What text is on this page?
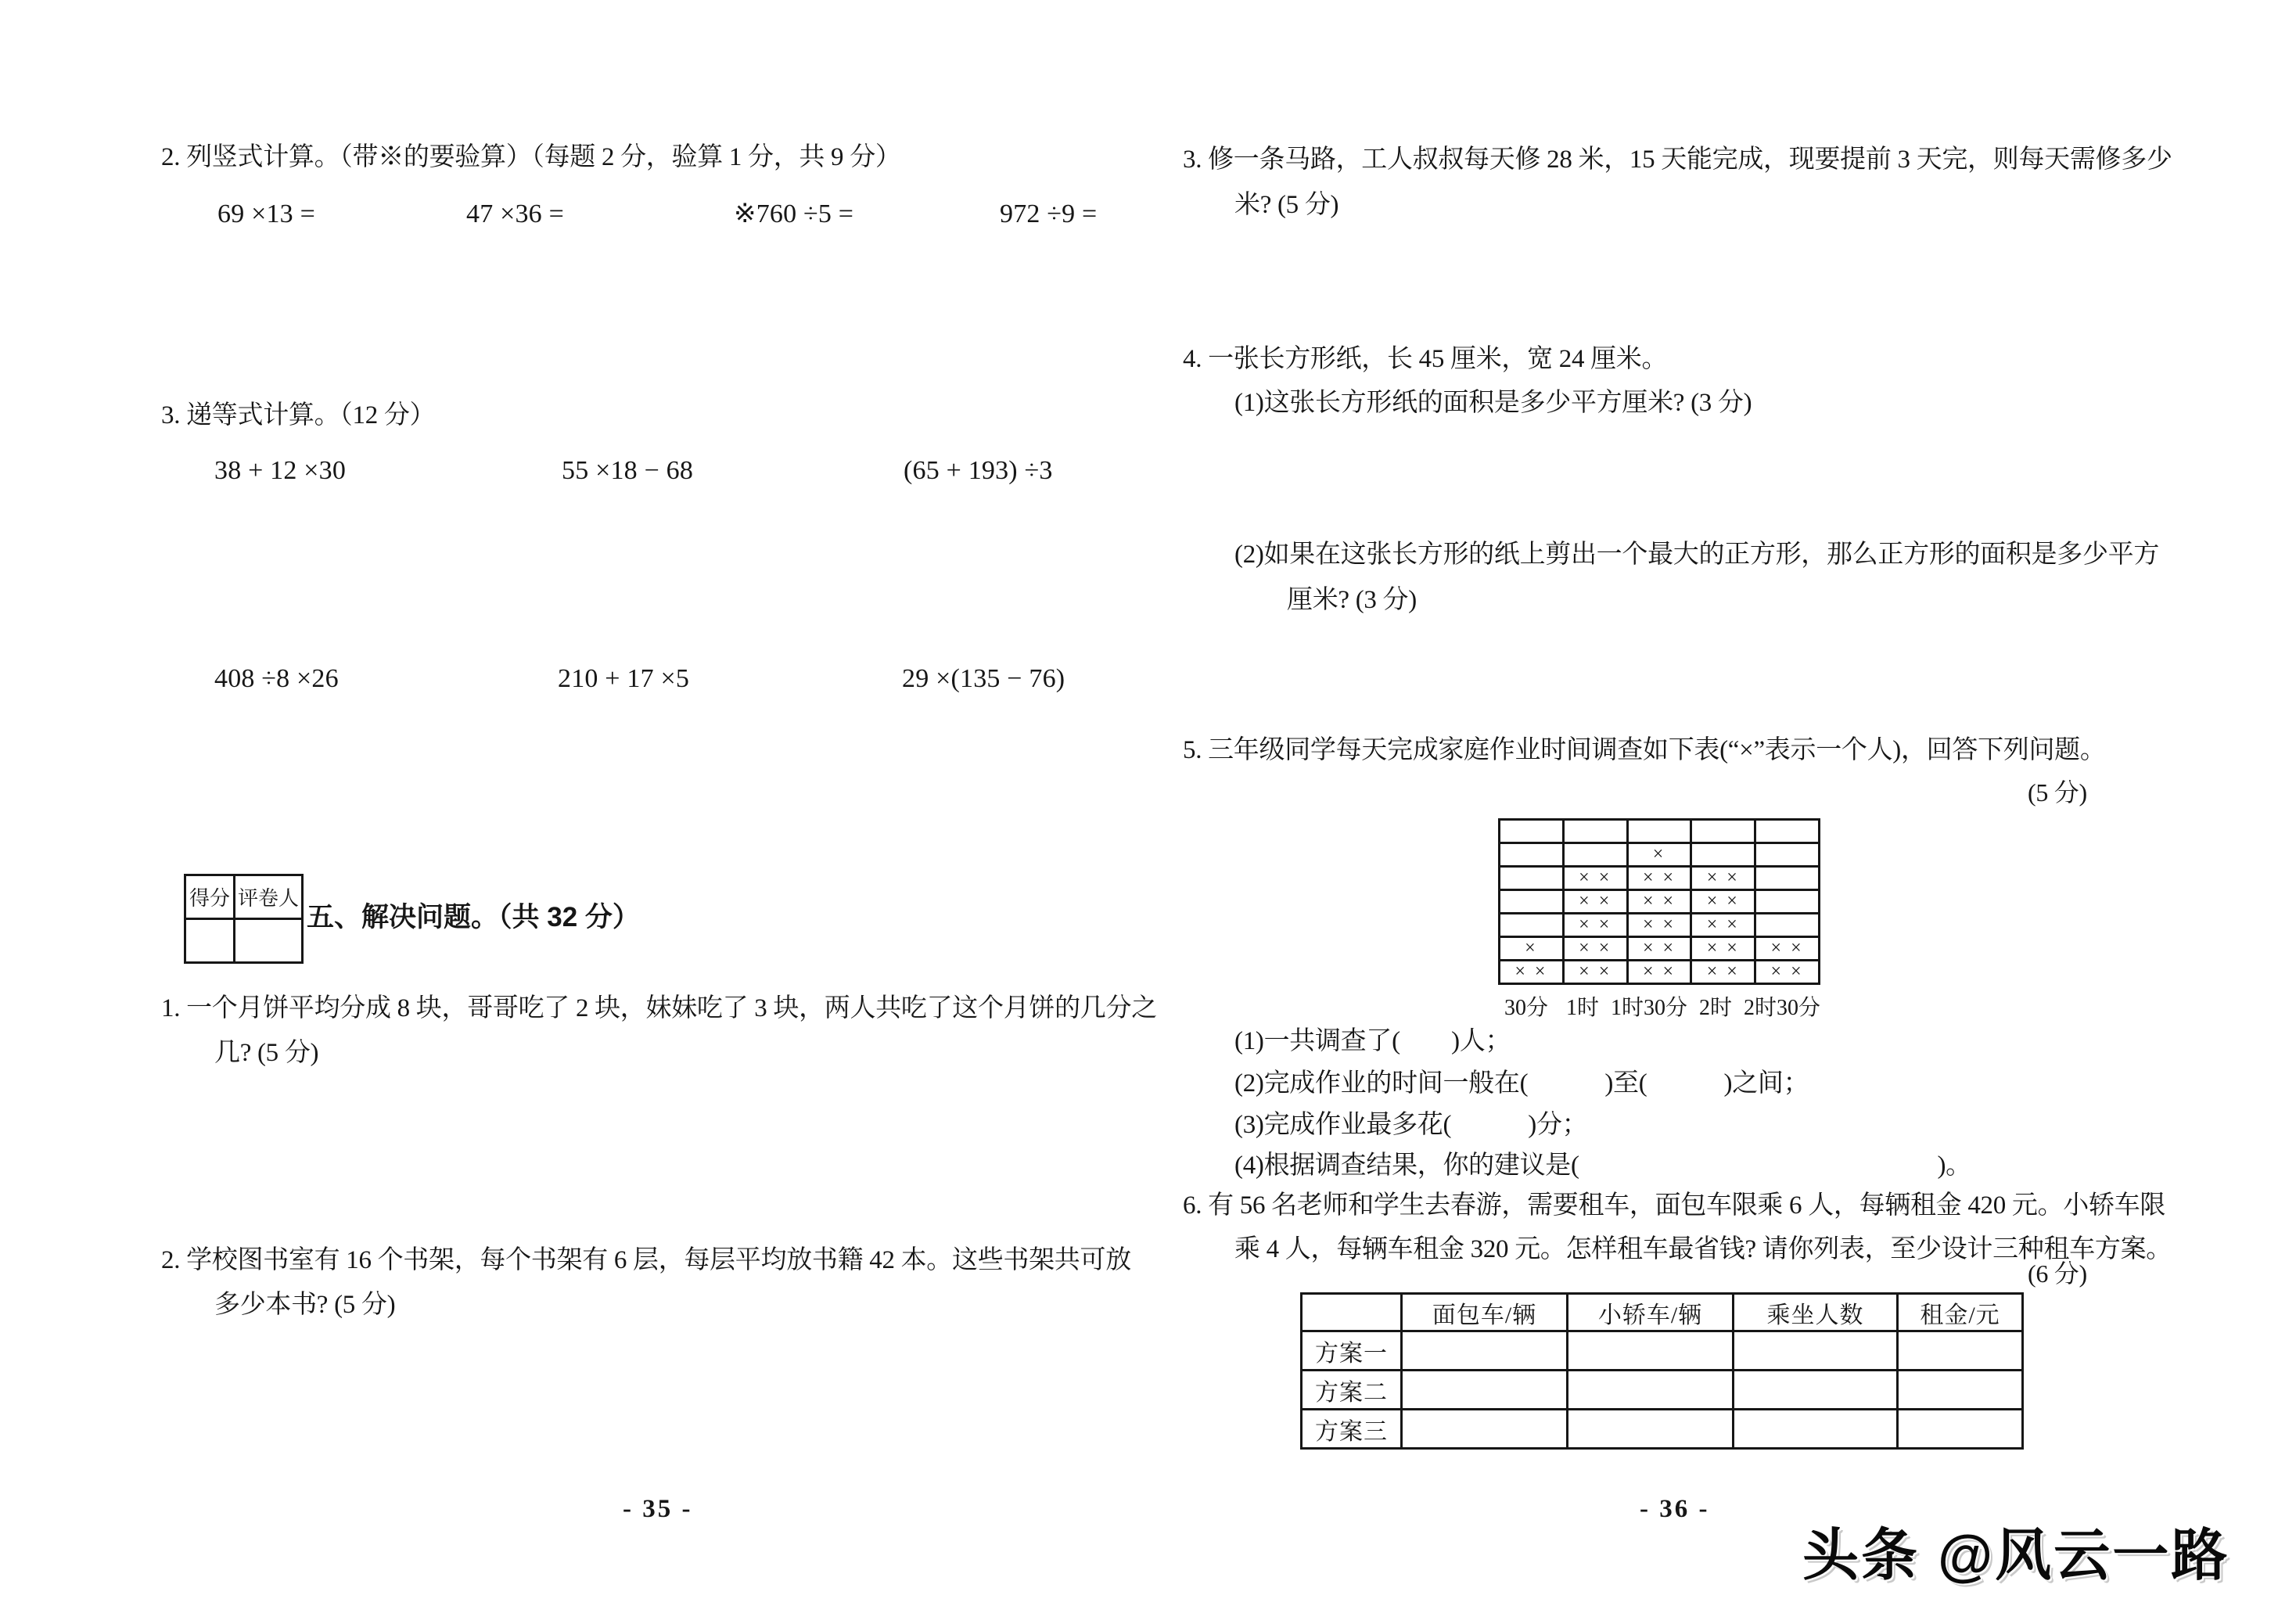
2. 列竖式计算。（带※的要验算）（每题 2 分，验算 1 分，共 9 分）
69 ×13 =	47 ×36 =	※760 ÷5 =	972 ÷9 =
3. 递等式计算。（12 分）
38 + 12 ×30	55 ×18 − 68	(65 + 193) ÷3
408 ÷8 ×26	210 + 17 ×5	29 ×(135 − 76)
得分	评卷人

五、解决问题。（共 32 分）
1. 一个月饼平均分成 8 块，哥哥吃了 2 块，妹妹吃了 3 块，两人共吃了这个月饼的几分之
几? (5 分)
2. 学校图书室有 16 个书架，每个书架有 6 层，每层平均放书籍 42 本。这些书架共可放
多少本书? (5 分)
- 35 -
3. 修一条马路，工人叔叔每天修 28 米，15 天能完成，现要提前 3 天完，则每天需修多少
米? (5 分)
4. 一张长方形纸，长 45 厘米，宽 24 厘米。
(1)这张长方形纸的面积是多少平方厘米? (3 分)
(2)如果在这张长方形的纸上剪出一个最大的正方形，那么正方形的面积是多少平方
厘米? (3 分)
5. 三年级同学每天完成家庭作业时间调查如下表(“×”表示一个人)，回答下列问题。
(5 分)

		×		
	× ×	× ×	× ×	
	× ×	× ×	× ×	
	× ×	× ×	× ×	
×	× ×	× ×	× ×	× ×
× ×	× ×	× ×	× ×	× ×
30分 1时 1时30分 2时 2时30分
(1)一共调查了(　　)人；
(2)完成作业的时间一般在(　　　)至(　　　)之间；
(3)完成作业最多花(　　　)分；
(4)根据调查结果，你的建议是(　　　　　　　　　　　　　　)。
6. 有 56 名老师和学生去春游，需要租车，面包车限乘 6 人，每辆租金 420 元。小轿车限
乘 4 人，每辆车租金 320 元。怎样租车最省钱? 请你列表，至少设计三种租车方案。
(6 分)
	面包车/辆	小轿车/辆	乘坐人数	租金/元
方案一				
方案二				
方案三				
- 36 -
头条 @风云一路
